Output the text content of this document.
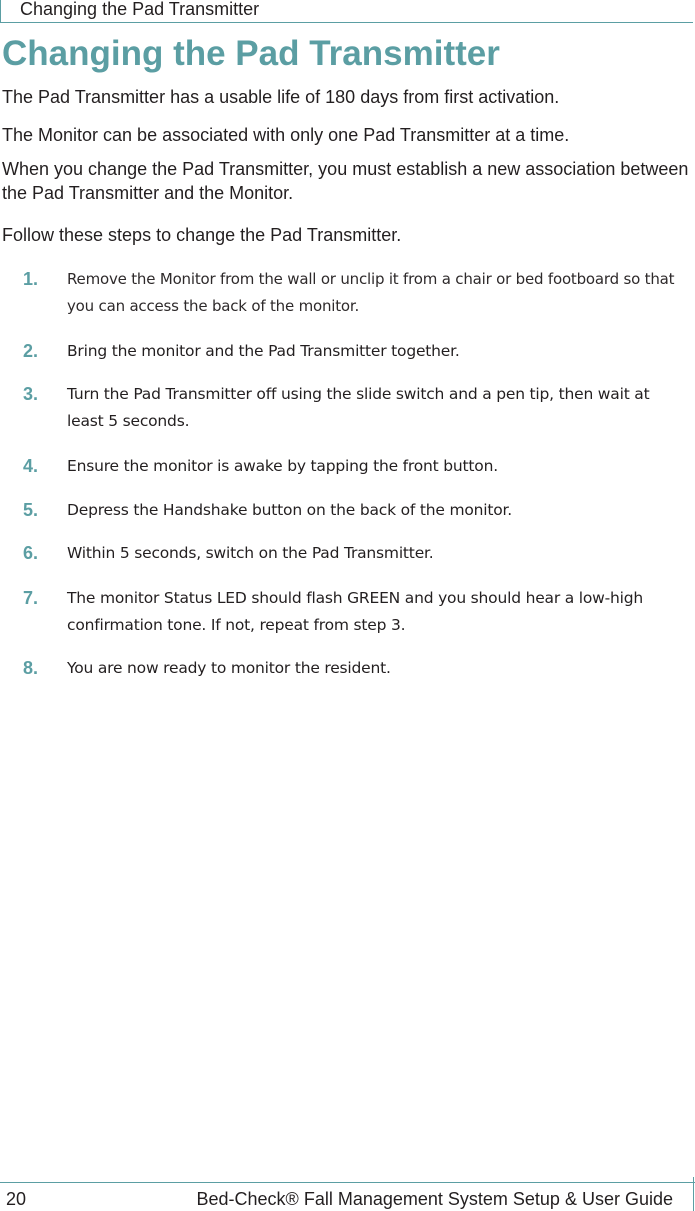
Changing the Pad Transmitter
Changing the Pad Transmitter

The Pad Transmitter has a usable life of 180 days from first activation.

The Monitor can be associated with only one Pad Transmitter at a time.

When you change the Pad Transmitter, you must establish a new association between the Pad Transmitter and the Monitor.

Follow these steps to change the Pad Transmitter.

1. Remove the Monitor from the wall or unclip it from a chair or bed footboard so that you can access the back of the monitor.
2. Bring the monitor and the Pad Transmitter together.
3. Turn the Pad Transmitter off using the slide switch and a pen tip, then wait at least 5 seconds.
4. Ensure the monitor is awake by tapping the front button.
5. Depress the Handshake button on the back of the monitor.
6. Within 5 seconds, switch on the Pad Transmitter.
7. The monitor Status LED should flash GREEN and you should hear a low-high confirmation tone. If not, repeat from step 3.
8. You are now ready to monitor the resident.
20	Bed-Check® Fall Management System Setup & User Guide
